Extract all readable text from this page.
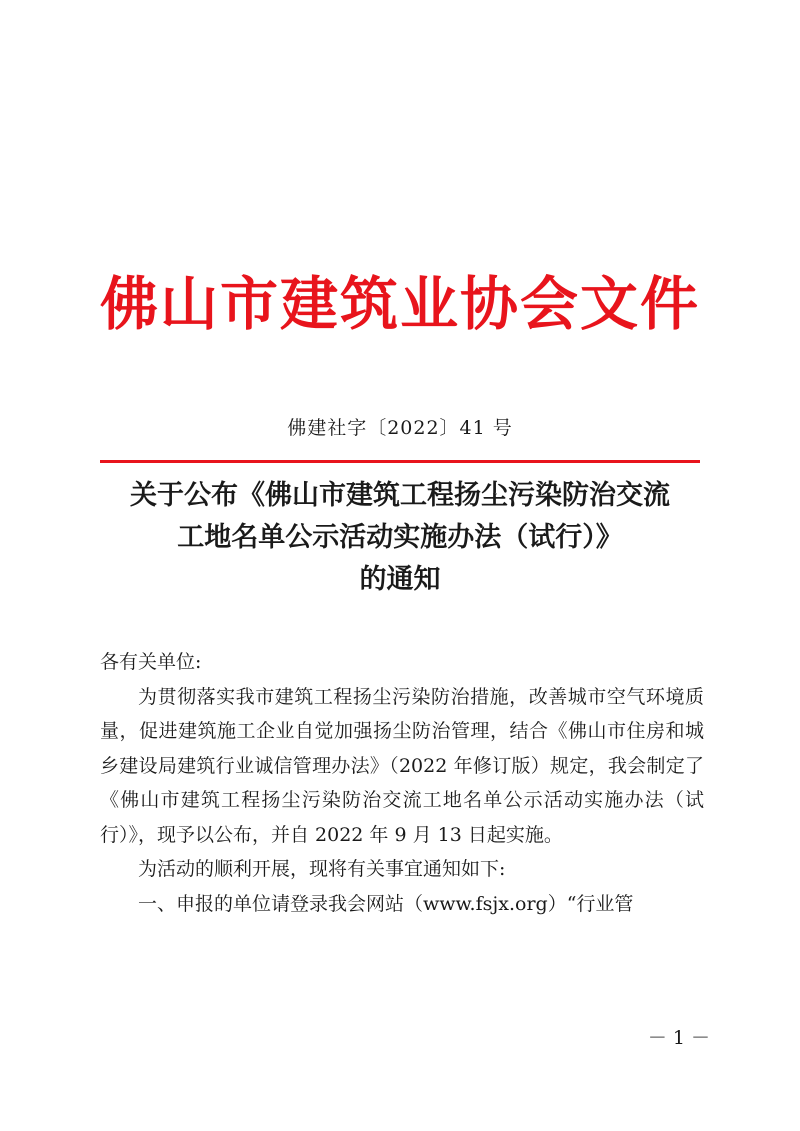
佛山市建筑业协会文件
佛建社字〔2022〕41 号
关于公布《佛山市建筑工程扬尘污染防治交流
工地名单公示活动实施办法（试行）》
的通知
各有关单位:

为贯彻落实我市建筑工程扬尘污染防治措施，改善城市空气环境质量，促进建筑施工企业自觉加强扬尘防治管理，结合《佛山市住房和城乡建设局建筑行业诚信管理办法》（2022 年修订版）规定，我会制定了《佛山市建筑工程扬尘污染防治交流工地名单公示活动实施办法（试行）》，现予以公布，并自 2022 年 9 月 13 日起实施。

为活动的顺利开展，现将有关事宜通知如下:

一、申报的单位请登录我会网站（www.fsjx.org）“行业管

－ 1 －
